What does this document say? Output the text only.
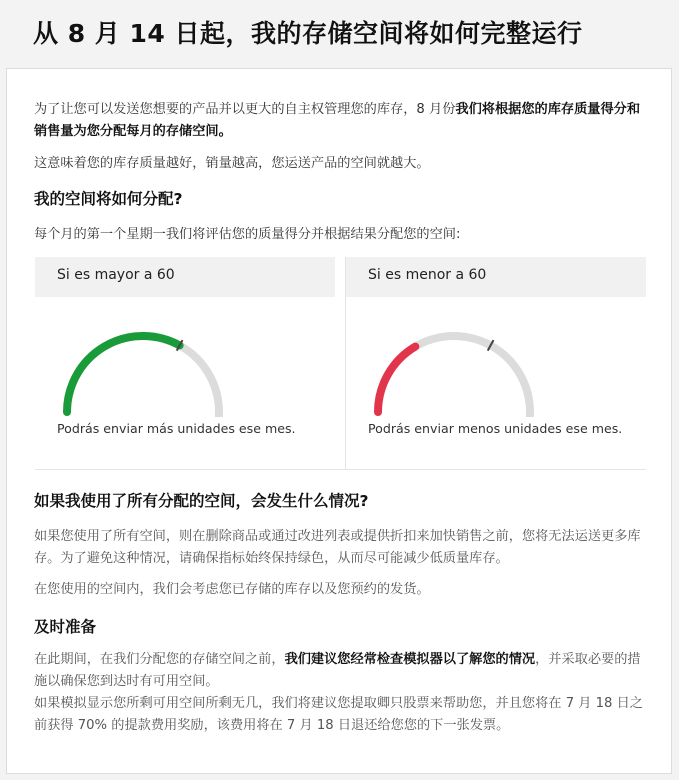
从 8 月 14 日起，我的存储空间将如何完整运行

为了让您可以发送您想要的产品并以更大的自主权管理您的库存，8 月份我们将根据您的库存质量得分和销售量为您分配每月的存储空间。

这意味着您的库存质量越好，销量越高，您运送产品的空间就越大。

我的空间将如何分配?

每个月的第一个星期一我们将评估您的质量得分并根据结果分配您的空间:

Si es mayor a 60
Podrás enviar más unidades ese mes.
Si es menor a 60
Podrás enviar menos unidades ese mes.

如果我使用了所有分配的空间，会发生什么情况?

如果您使用了所有空间，则在删除商品或通过改进列表或提供折扣来加快销售之前，您将无法运送更多库存。为了避免这种情况，请确保指标始终保持绿色，从而尽可能减少低质量库存。

在您使用的空间内，我们会考虑您已存储的库存以及您预约的发货。

及时准备

在此期间，在我们分配您的存储空间之前，我们建议您经常检查模拟器以了解您的情况，并采取必要的措施以确保您到达时有可用空间。

如果模拟显示您所剩可用空间所剩无几，我们将建议您提取卿只股票来帮助您，并且您将在 7 月 18 日之前获得 70% 的提款费用奖励，该费用将在 7 月 18 日退还给您您的下一张发票。
